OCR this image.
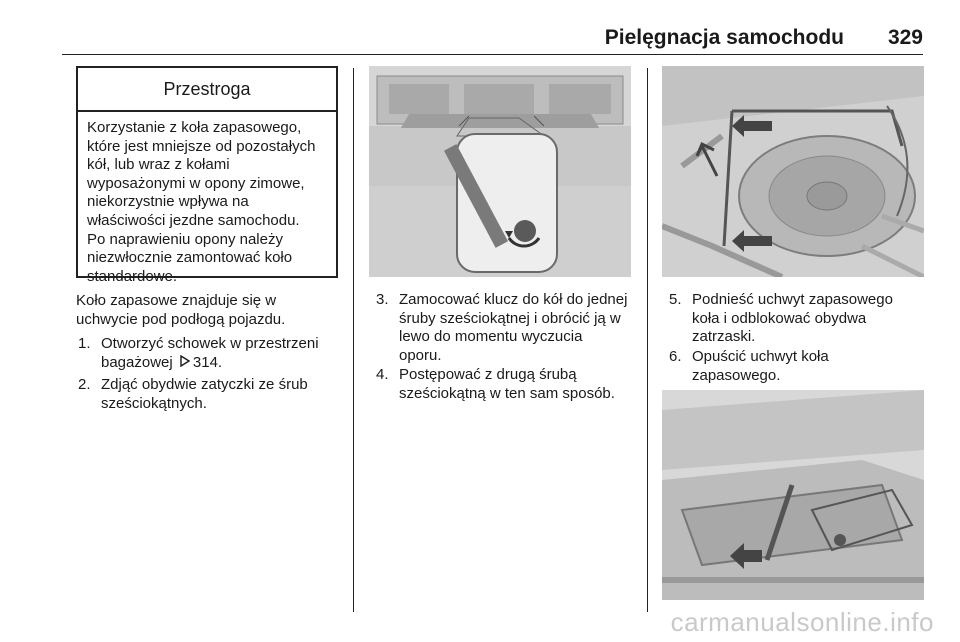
Pielęgnacja samochodu 329
Przestroga
Korzystanie z koła zapasowego,
które jest mniejsze od pozostałych
kół, lub wraz z kołami
wyposażonymi w opony zimowe,
niekorzystnie wpływa na
właściwości jezdne samochodu.
Po naprawieniu opony należy
niezwłocznie zamontować koło
standardowe.
Koło zapasowe znajduje się w
uchwycie pod podłogą pojazdu.
1. Otworzyć schowek w przestrzeni
bagażowej 314.
2. Zdjąć obydwie zatyczki ze śrub
sześciokątnych.
3. Zamocować klucz do kół do jednej
śruby sześciokątnej i obrócić ją w
lewo do momentu wyczucia
oporu.
4. Postępować z drugą śrubą
sześciokątną w ten sam sposób.
5. Podnieść uchwyt zapasowego
koła i odblokować obydwa
zatrzaski.
6. Opuścić uchwyt koła
zapasowego.
carmanualsonline.info
